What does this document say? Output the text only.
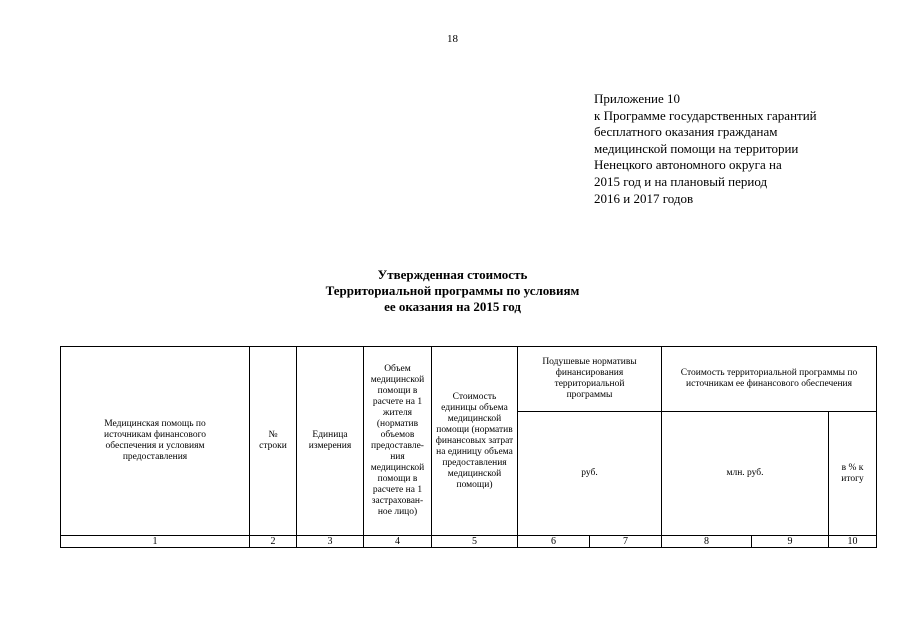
18
Приложение 10
к Программе государственных гарантий
бесплатного оказания гражданам
медицинской помощи на территории
Ненецкого автономного округа на
2015 год и на плановый период
2016 и 2017 годов
Утвержденная стоимость
Территориальной программы по условиям
ее оказания на 2015 год
Медицинская помощь по источникам финансового обеспечения и условиям предоставления	№ строки	Единица измерения	Объем медицинской помощи в расчете на 1 жителя (норматив объемов предоставле-ния медицинской помощи в расчете на 1 застрахован-ное лицо)	Стоимость единицы объема медицинской помощи (норматив финансовых затрат на единицу объема предоставления медицинской помощи)	Подушевые нормативы финансирования территориальной программы		Стоимость территориальной программы по источникам ее финансового обеспечения		
					руб.		млн. руб.		в % к итогу
1	2	3	4	5	6	7	8	9	10
